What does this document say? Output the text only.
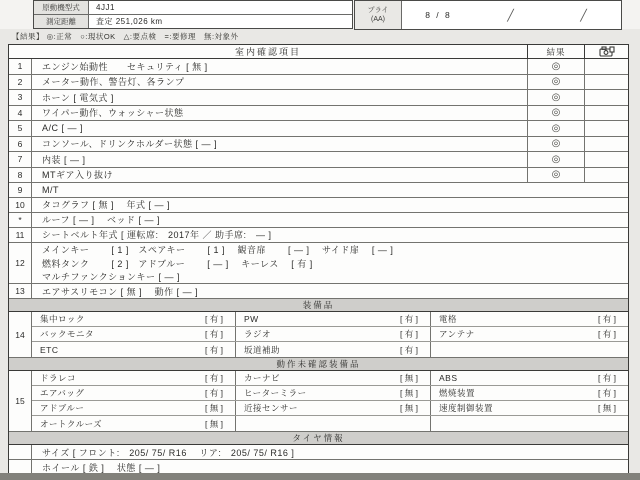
原動機型式	4JJ1
測定距離	査定 251,026 km
プライ
(AA)	8 / 8	╱	╱
【結果】 ◎:正常　○:現状OK　△:要点検　=:要修理　無:対象外
室内確認項目	結果
1	エンジン始動性　　セキュリティ [ 無 ]	◎
2	メーター動作、警告灯、各ランプ	◎
3	ホーン [ 電気式 ]	◎
4	ワイパー動作、ウォッシャー状態	◎
5	A/C [ ― ]	◎
6	コンソール、ドリンクホルダー状態 [ ― ]	◎
7	内装 [ ― ]	◎
8	MTギア入り抜け	◎
9	M/T
10	タコグラフ [ 無 ]　 年式 [ ― ]
*	ルーフ [ ― ]　 ベッド [ ― ]
11	シートベルト年式 [ 運転席:　2017年 ／ 助手席:　― ]
12
メインキー　　 [ 1 ]　スペアキー　　 [ 1 ]　 観音扉　　 [ ― ]　 サイド扉　 [ ― ]
燃料タンク　　 [ 2 ]　アドブルー　　 [ ― ]　 キーレス　 [ 有 ]
マルチファンクションキー [ ― ]
13	エアサスリモコン [ 無 ]　 動作 [ ― ]
装備品
14
集中ロック	[ 有 ]	PW	[ 有 ]	電格	[ 有 ]
バックモニタ	[ 有 ]	ラジオ	[ 有 ]	アンテナ	[ 有 ]
ETC	[ 有 ]	坂道補助	[ 有 ]
動作未確認装備品
15
ドラレコ	[ 有 ]	カーナビ	[ 無 ]	ABS	[ 有 ]
エアバッグ	[ 有 ]	ヒーターミラー	[ 無 ]	燃焼装置	[ 有 ]
アドブルー	[ 無 ]	近接センサー	[ 無 ]	速度制御装置	[ 無 ]
オートクルーズ	[ 無 ]
タイヤ情報
サイズ [ フロント:　205/ 75/ R16　 リア:　205/ 75/ R16 ]
ホイール [ 鉄 ]　 状態 [ ― ]
